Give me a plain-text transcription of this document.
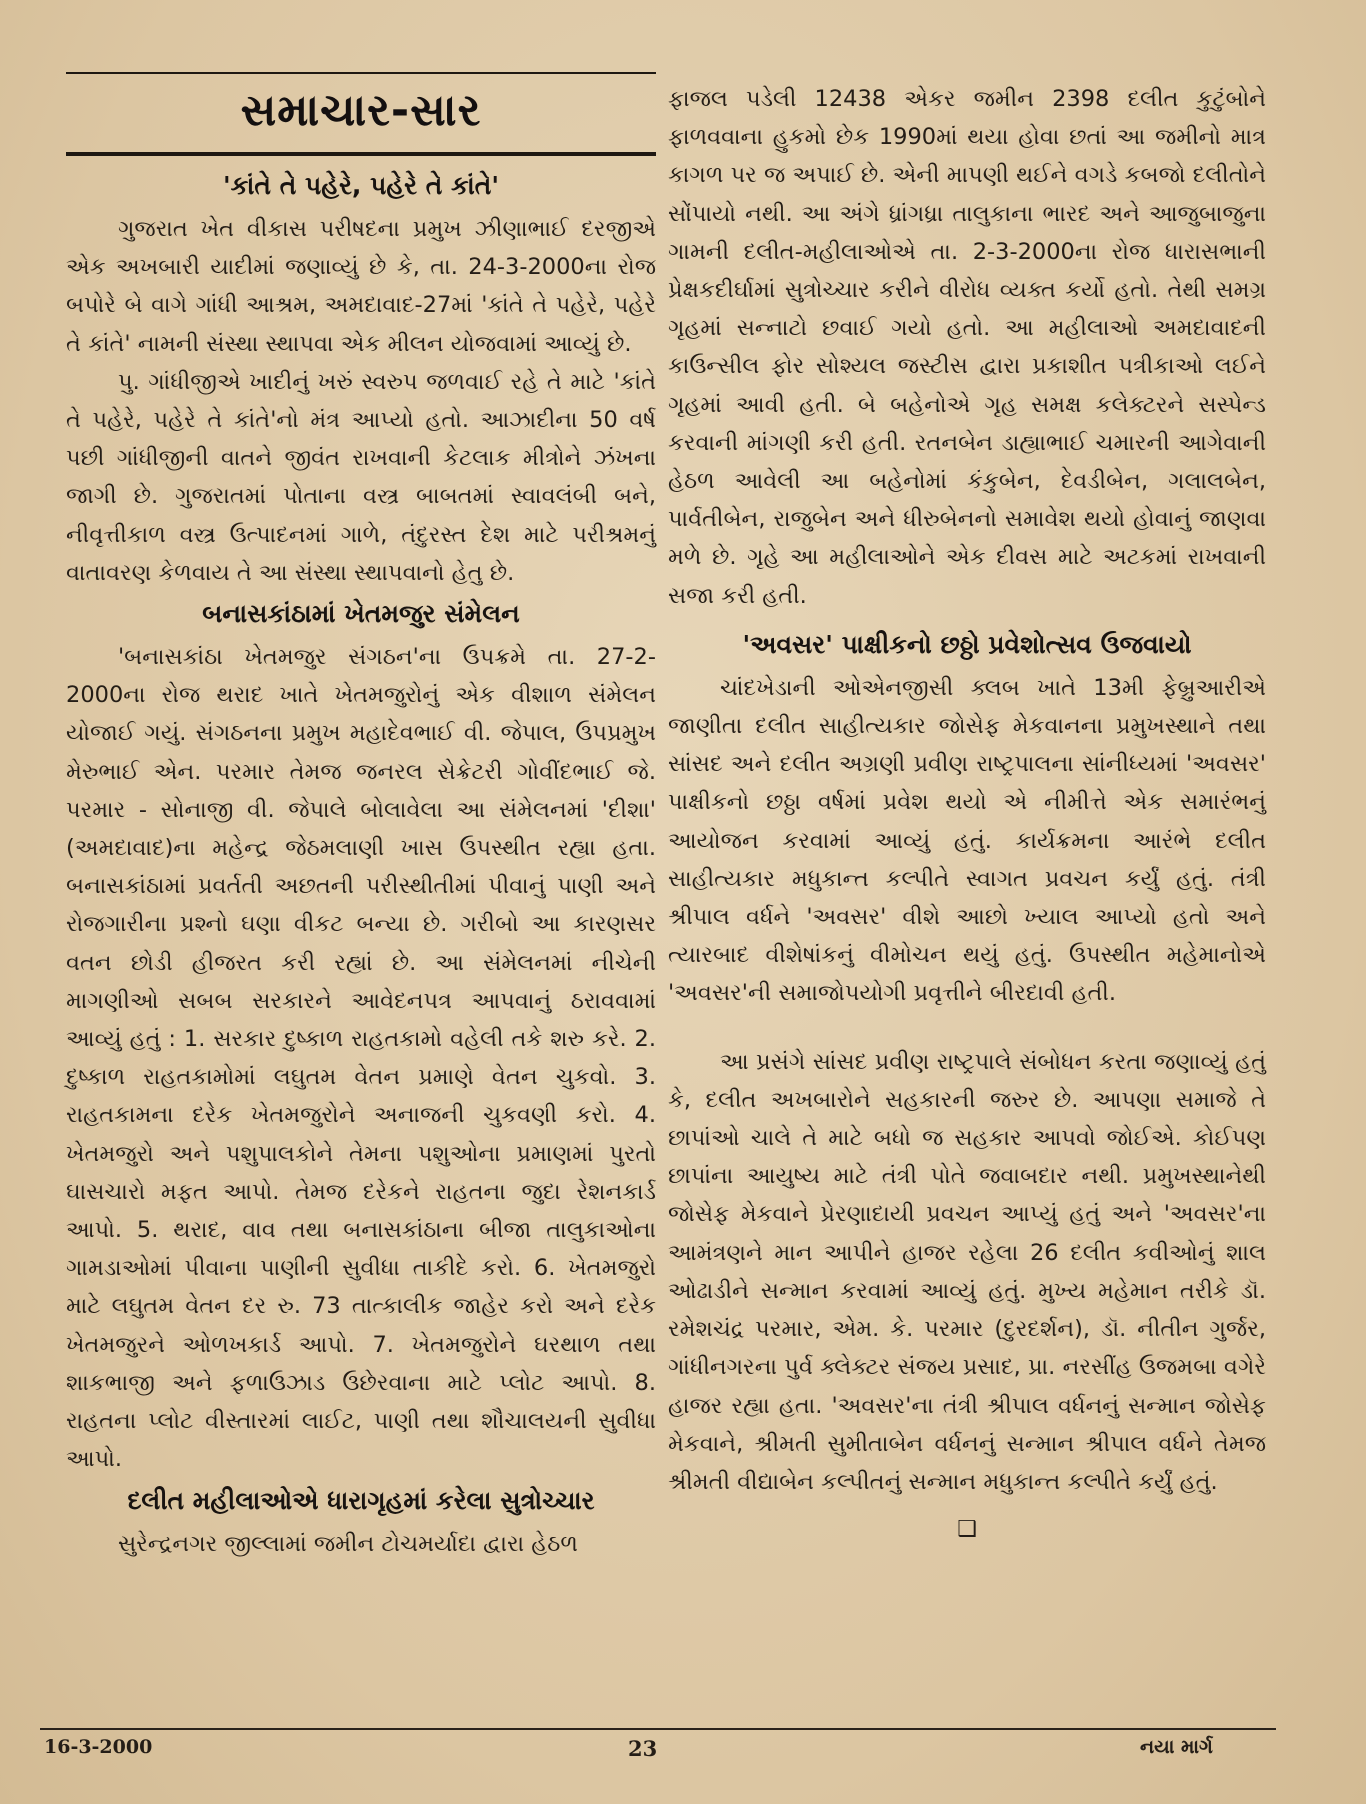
સમાચાર-સાર
'કાંતે તે પહેરે, પહેરે તે કાંતે'

ગુજરાત ખેત વીકાસ પરીષદના પ્રમુખ ઝીણાભાઈ દરજીએ એક અખબારી યાદીમાં જણાવ્યું છે કે, તા. 24-3-2000ના રોજ બપોરે બે વાગે ગાંધી આશ્રમ, અમદાવાદ-27માં 'કાંતે તે પહેરે, પહેરે તે કાંતે' નામની સંસ્થા સ્થાપવા એક મીલન યોજવામાં આવ્યું છે.

પુ. ગાંધીજીએ ખાદીનું ખરું સ્વરુપ જળવાઈ રહે તે માટે 'કાંતે તે પહેરે, પહેરે તે કાંતે'નો મંત્ર આપ્યો હતો. આઝાદીના 50 વર્ષ પછી ગાંધીજીની વાતને જીવંત રાખવાની કેટલાક મીત્રોને ઝંખના જાગી છે. ગુજરાતમાં પોતાના વસ્ત્ર બાબતમાં સ્વાવલંબી બને, નીવૃત્તીકાળ વસ્ત્ર ઉત્પાદનમાં ગાળે, તંદુરસ્ત દેશ માટે પરીશ્રમનું વાતાવરણ કેળવાય તે આ સંસ્થા સ્થાપવાનો હેતુ છે.

બનાસકાંઠામાં ખેતમજુર સંમેલન

'બનાસકાંઠા ખેતમજુર સંગઠન'ના ઉપક્રમે તા. 27-2-2000ના રોજ થરાદ ખાતે ખેતમજુરોનું એક વીશાળ સંમેલન યોજાઈ ગયું. સંગઠનના પ્રમુખ મહાદેવભાઈ વી. જેપાલ, ઉપપ્રમુખ મેરુભાઈ એન. પરમાર તેમજ જનરલ સેક્રેટરી ગોવીંદભાઈ જે. પરમાર - સોનાજી વી. જેપાલે બોલાવેલા આ સંમેલનમાં 'દીશા' (અમદાવાદ)ના મહેન્દ્ર જેઠમલાણી ખાસ ઉપસ્થીત રહ્યા હતા. બનાસકાંઠામાં પ્રવર્તતી અછતની પરીસ્થીતીમાં પીવાનું પાણી અને રોજગારીના પ્રશ્નો ઘણા વીકટ બન્યા છે. ગરીબો આ કારણસર વતન છોડી હીજરત કરી રહ્યાં છે. આ સંમેલનમાં નીચેની માગણીઓ સબબ સરકારને આવેદનપત્ર આપવાનું ઠરાવવામાં આવ્યું હતું : 1. સરકાર દુષ્કાળ રાહતકામો વહેલી તકે શરુ કરે. 2. દુષ્કાળ રાહતકામોમાં લઘુતમ વેતન પ્રમાણે વેતન ચુકવો. 3. રાહતકામના દરેક ખેતમજુરોને અનાજની ચુકવણી કરો. 4. ખેતમજુરો અને પશુપાલકોને તેમના પશુઓના પ્રમાણમાં પુરતો ઘાસચારો મફત આપો. તેમજ દરેકને રાહતના જુદા રેશનકાર્ડ આપો. 5. થરાદ, વાવ તથા બનાસકાંઠાના બીજા તાલુકાઓના ગામડાઓમાં પીવાના પાણીની સુવીધા તાકીદે કરો. 6. ખેતમજુરો માટે લઘુતમ વેતન દર રુ. 73 તાત્કાલીક જાહેર કરો અને દરેક ખેતમજુરને ઓળખકાર્ડ આપો. 7. ખેતમજુરોને ઘરથાળ તથા શાકભાજી અને ફળાઉઝાડ ઉછેરવાના માટે પ્લોટ આપો. 8. રાહતના પ્લોટ વીસ્તારમાં લાઈટ, પાણી તથા શૌચાલયની સુવીધા આપો.

દલીત મહીલાઓએ ધારાગૃહમાં કરેલા સુત્રોચ્ચાર

સુરેન્દ્રનગર જીલ્લામાં જમીન ટોચમર્યાદા દ્વારા હેઠળ

ફાજલ પડેલી 12438 એકર જમીન 2398 દલીત કુટુંબોને ફાળવવાના હુકમો છેક 1990માં થયા હોવા છતાં આ જમીનો માત્ર કાગળ પર જ અપાઈ છે. એની માપણી થઈને વગડે કબજો દલીતોને સોંપાયો નથી. આ અંગે ધ્રાંગધ્રા તાલુકાના ભારદ અને આજુબાજુના ગામની દલીત-મહીલાઓએ તા. 2-3-2000ના રોજ ધારાસભાની પ્રેક્ષકદીર્ઘામાં સુત્રોચ્ચાર કરીને વીરોધ વ્યક્ત કર્યો હતો. તેથી સમગ્ર ગૃહમાં સન્નાટો છવાઈ ગયો હતો. આ મહીલાઓ અમદાવાદની કાઉન્સીલ ફોર સોશ્યલ જસ્ટીસ દ્વારા પ્રકાશીત પત્રીકાઓ લઈને ગૃહમાં આવી હતી. બે બહેનોએ ગૃહ સમક્ષ કલેક્ટરને સસ્પેન્ડ કરવાની માંગણી કરી હતી. રતનબેન ડાહ્યાભાઈ ચમારની આગેવાની હેઠળ આવેલી આ બહેનોમાં કંકુબેન, દેવડીબેન, ગલાલબેન, પાર્વતીબેન, રાજુબેન અને ધીરુબેનનો સમાવેશ થયો હોવાનું જાણવા મળે છે. ગૃહે આ મહીલાઓને એક દીવસ માટે અટકમાં રાખવાની સજા કરી હતી.

'અવસર' પાક્ષીકનો છઠ્ઠો પ્રવેશોત્સવ ઉજવાયો

ચાંદખેડાની ઓએનજીસી ક્લબ ખાતે 13મી ફેબ્રુઆરીએ જાણીતા દલીત સાહીત્યકાર જોસેફ મેકવાનના પ્રમુખસ્થાને તથા સાંસદ અને દલીત અગ્રણી પ્રવીણ રાષ્ટ્રપાલના સાંનીધ્યમાં 'અવસર' પાક્ષીકનો છઠ્ઠા વર્ષમાં પ્રવેશ થયો એ નીમીત્તે એક સમારંભનું આયોજન કરવામાં આવ્યું હતું. કાર્યક્રમના આરંભે દલીત સાહીત્યકાર મધુકાન્ત કલ્પીતે સ્વાગત પ્રવચન કર્યું હતું. તંત્રી શ્રીપાલ વર્ધને 'અવસર' વીશે આછો ખ્યાલ આપ્યો હતો અને ત્યારબાદ વીશેષાંકનું વીમોચન થયું હતું. ઉપસ્થીત મહેમાનોએ 'અવસર'ની સમાજોપયોગી પ્રવૃત્તીને બીરદાવી હતી.

આ પ્રસંગે સાંસદ પ્રવીણ રાષ્ટ્રપાલે સંબોધન કરતા જણાવ્યું હતું કે, દલીત અખબારોને સહકારની જરુર છે. આપણા સમાજે તે છાપાંઓ ચાલે તે માટે બધો જ સહકાર આપવો જોઈએ. કોઈપણ છાપાંના આયુષ્ય માટે તંત્રી પોતે જવાબદાર નથી. પ્રમુખસ્થાનેથી જોસેફ મેકવાને પ્રેરણાદાયી પ્રવચન આપ્યું હતું અને 'અવસર'ના આમંત્રણને માન આપીને હાજર રહેલા 26 દલીત કવીઓનું શાલ ઓઢાડીને સન્માન કરવામાં આવ્યું હતું. મુખ્ય મહેમાન તરીકે ડૉ. રમેશચંદ્ર પરમાર, એમ. કે. પરમાર (દુરદર્શન), ડૉ. નીતીન ગુર્જર, ગાંધીનગરના પુર્વ ક્લેક્ટર સંજય પ્રસાદ, પ્રા. નરસીંહ ઉજમબા વગેરે હાજર રહ્યા હતા. 'અવસર'ના તંત્રી શ્રીપાલ વર્ધનનું સન્માન જોસેફ મેકવાને, શ્રીમતી સુમીતાબેન વર્ધનનું સન્માન શ્રીપાલ વર્ધને તેમજ શ્રીમતી વીદ્યાબેન કલ્પીતનું સન્માન મધુકાન્ત કલ્પીતે કર્યું હતું.

❑
16-3-2000	23	નયા માર્ગ
